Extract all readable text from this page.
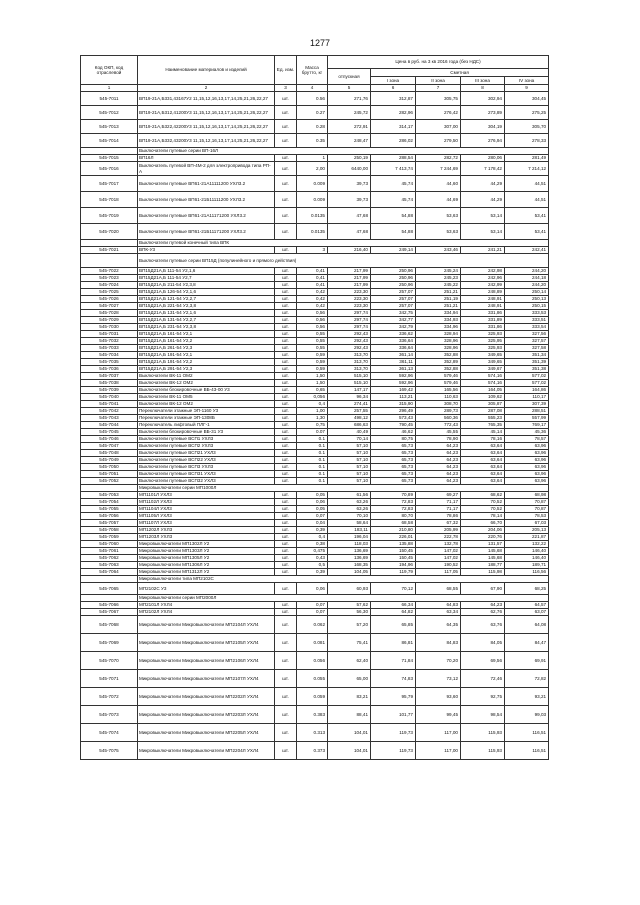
1277
Код ОКП, код отраслевой	Наименование материалов и изделий	Ед. изм.	Масса брутто, кг	Цена в руб. на 3 кв 2016 года (без НДС)				
				отпускная	Сметная			
					I зона	II зона	III зона	IV зона
1	2	3	4	5	6	7	8	9
545-7011	ВП19-21А,Б331,43167У2 11,15,12,16,13,17,14,25,21,26,22,27	шт.	0.56	271,76	312,87	305,75	302,94	304,45
545-7012	ВП19-21А,Б312,41200У3 11,15,12,16,13,17,14,25,21,26,22,27	шт.	0.27	245,72	282,96	276,42	273,89	275,25
545-7013	ВП19-21А,Б322,42200У3 11,15,12,16,13,17,14,25,21,26,22,27	шт.	0.28	272,91	314,17	307,00	304,19	305,70
545-7014	ВП19-21А,Б332,43200У3 11,15,12,16,13,17,14,25,21,26,22,27	шт.	0.35	248,47	286,02	279,50	276,94	278,33
	Выключатели путевые серии ВП-16Л							
545-7015	ВП16Л	шт.	1	250,19	288,54	282,72	280,06	281,49
545-7016	Выключатель путевой ВП-4М-2 для электропривода типа РП-А	шт.	2,00	6440,00	7 413,74	7 244,69	7 178,42	7 214,12
545-7017	Выключатели путевые ВП61-21А11111200 УХЛ3.2	шт.	0.009	39,73	45,74	44,60	44,29	44,51
545-7018	Выключатели путевые ВП61-21Б11111200 УХЛ3.2	шт.	0.009	39,73	45,74	44,69	44,29	44,51
545-7019	Выключатели путевые ВП61-21А11171200 УХЛ3.2	шт.	0.0135	47,68	54,88	53,63	53,14	53,41
545-7020	Выключатели путевые ВП61-21Б11171200 УХЛ3.2	шт.	0.0135	47,68	54,88	53,63	53,14	53,41
	Выключатели путевой конечный типа ВПК							
545-7021	ВПК-У3	шт.	3	216,40	249,14	243,46	241,21	242,41
	Выключатели путевые серии ВП15Д (популинейного и прямого действия)							
545-7022	ВП15Д21А,Б 111-54 У2,1,6	шт.	0,41	217,99	250,96	245,24	242,98	244,20
545-7023	ВП15Д21А,Б 111-54 У2,7	шт.	0,41	217,99	250,96	245,23	242,96	244,18
545-7024	ВП15Д21А,Б 211-54 У2,3,8	шт.	0,41	217,99	250,96	245,22	242,99	244,20
545-7025	ВП15Д21А,Б 126-54 У2,1,6	шт.	0,42	223,30	257,07	251,21	248,89	250,14
545-7026	ВП15Д21А,Б 121-54 У2,2,7	шт.	0,42	223,30	257,07	251,19	248,91	250,13
545-7027	ВП15Д21А,Б 221-54 У2,3,8	шт.	0,42	223,30	257,07	251,21	248,91	250,15
545-7028	ВП15Д21А,Б 131-54 У2,1,6	шт.	0,56	297,74	342,75	334,94	331,86	333,53
545-7029	ВП15Д21А,Б 131-54 У2,2,7	шт.	0,56	297,74	342,77	334,93	331,89	333,51
545-7030	ВП15Д21А,Б 231-54 У2,3,8	шт.	0,56	297,74	342,79	334,96	331,86	333,54
545-7031	ВП15Д21А,Б 161-54 У2,1	шт.	0,55	292,43	336,62	328,94	325,93	327,56
545-7032	ВП15Д21А,Б 161-54 У2,2	шт.	0,55	292,43	336,64	328,96	325,95	327,57
545-7033	ВП15Д21А,Б 261-54 У2,3	шт.	0,55	292,43	336,64	328,96	325,93	327,58
545-7034	ВП15Д21А,Б 191-54 У2,1	шт.	0,59	313,70	361,14	352,88	349,65	351,34
545-7035	ВП15Д21А,Б 191-54 У2,2	шт.	0,59	313,70	361,11	352,89	349,65	351,39
545-7036	ВП15Д21А,Б 291-54 У2,3	шт.	0,59	313,70	361,13	352,88	349,67	351,38
545-7037	Выключатели ВК-11 ОМ2	шт.	1,50	515,10	592,96	579,46	574,16	577,02
545-7038	Выключатели ВК-12 ОМ2	шт.	1,50	515,10	592,96	579,46	574,16	577,02
545-7039	Выключатели блокировочные ВБ-43-00 У3	шт.	0,65	147,17	169,42	165,56	164,05	164,86
545-7040	Выключатели ВК-11 ОМ5	шт.	0,056	96,34	113,21	110,63	109,62	110,17
545-7041	Выключатели ВК-12 ОМ2	шт.	0,4	274,41	315,90	308,70	305,87	307,39
545-7042	Переключатели этажные ЭП-1160 У3	шт.	1,00	257,55	296,49	289,73	287,08	288,51
545-7043	Переключатели этажные ЭП-1308Б	шт.	1,30	498,12	573,43	560,36	555,23	557,99
545-7044	Переключатель лифтовый ПЛГ-1	шт.	0,75	686,63	790,45	772,43	765,35	769,17
545-7045	Выключатели блокировочные ВБ-31 У3	шт.	0.07	40,49	46,62	45,55	45,14	45,36
545-7046	Выключатели путевые ВСП1 УХЛ3	шт.	0.1	70,14	80,75	78,90	78,16	78,57
545-7047	Выключатели путевые ВСП2 УХЛ3	шт.	0.1	57,10	65,73	64,23	63,64	63,96
545-7048	Выключатели путевые ВСП21 УХЛ3	шт.	0.1	57,10	65,73	64,23	63,64	63,96
545-7049	Выключатели путевые ВСП22 УХЛ3	шт.	0.1	57,10	65,73	64,23	63,64	63,96
545-7050	Выключатели путевые ВСП3 УХЛ3	шт.	0.1	57,10	65,73	64,23	63,64	63,96
545-7051	Выключатели путевые ВСП31 УХЛ3	шт.	0.1	57,10	65,73	64,23	63,64	63,96
545-7052	Выключатели путевые ВСП32 УХЛ3	шт.	0.1	57,10	65,73	64,23	63,64	63,96
	Микровыключатели серии МП1000Л							
545-7053	МП1101Л УХЛ3	шт.	0,05	61,56	70,89	69,27	68,62	68,98
545-7054	МП1102Л УХЛ3	шт.	0,06	63,26	72,83	71,17	70,52	70,87
545-7055	МП1104Л УХЛ3	шт.	0,05	63,26	72,83	71,17	70,52	70,87
545-7056	МП1105Л УХЛ3	шт.	0,07	70,10	80,70	78,86	78,14	78,53
545-7057	МП1107Л УХЛ3	шт.	0,04	58,64	68,58	67,32	66,70	67,03
545-7058	МП1202Л УХЛ3	шт.	0,39	183,11	210,80	205,99	204,06	205,13
545-7059	МП1203Л УХЛ3	шт.	0,4	196,04	226,01	222,78	220,76	221,87
545-7060	Микровыключатели МП1302Л У2	шт.	0,38	118,03	135,88	132,78	131,57	132,22
545-7061	Микровыключатели МП1303Л У2	шт.	0,475	136,69	150,45	147,02	145,68	146,40
545-7062	Микровыключатели МП1305Л У2	шт.	0,43	136,69	150,45	147,02	145,68	146,40
545-7063	Микровыключатели МП1306Л У2	шт.	0,5	168,35	194,96	190,52	188,77	189,71
545-7064	Микровыключатели МП1312Л У2	шт.	0,39	104,05	119,79	117,05	115,98	116,56
	Микровыключатели типа МП2102С							
545-7065	МП2102С У3	шт.	0,06	60,93	70,12	68,55	67,90	68,25
	Микровыключатели серии МП2000Л							
545-7066	МП2101Л УХЛ4	шт.	0,07	57,62	66,34	64,83	64,23	64,57
545-7067	МП2102Л УХЛ4	шт.	0,07	56,30	64,82	63,34	62,76	63,07
545-7068	Микровыключатели Микровыключатели МП2104Л УХЛ4	шт.	0.062	57,20	65,85	64,35	63,76	64,08
545-7069	Микровыключатели Микровыключатели МП2105Л УХЛ4	шт.	0.081	75,41	86,81	84,83	84,05	84,47
545-7070	Микровыключатели Микровыключатели МП2106Л УХЛ4	шт.	0.056	62,40	71,84	70,20	69,56	69,91
545-7071	Микровыключатели Микровыключатели МП2107Л УХЛ4	шт.	0.055	65,00	74,83	73,12	72,46	72,82
545-7072	Микровыключатели Микровыключатели МП2202Л УХЛ4	шт.	0.059	83,21	95,79	93,60	92,75	93,21
545-7073	Микровыключатели Микровыключатели МП2203Л УХЛ4	шт.	0.383	88,41	101,77	99,45	98,54	99,03
545-7074	Микровыключатели Микровыключатели МП2205Л УХЛ4	шт.	0.313	104,01	119,73	117,00	115,93	116,51
545-7075	Микровыключатели Микровыключатели МП2204Л УХЛ4	шт.	0.373	104,01	119,73	117,00	115,93	116,51
